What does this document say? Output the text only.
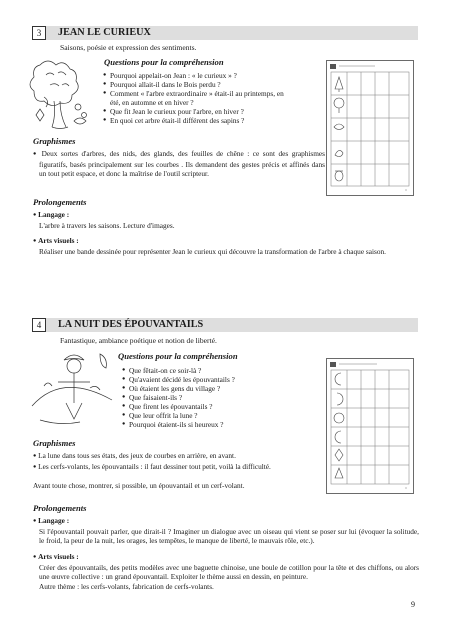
3	JEAN LE CURIEUX
Saisons, poésie et expression des sentiments.
Questions pour la compréhension
● Pourquoi appelait-on Jean : « le curieux » ?
● Pourquoi allait-il dans le Bois perdu ?
● Comment « l'arbre extraordinaire » était-il au printemps, en
été, en automne et en hiver ?
● Que fit Jean le curieux pour l'arbre, en hiver ?
● En quoi cet arbre était-il différent des sapins ?
Graphismes
● Deux sortes d'arbres, des nids, des glands, des feuilles de chêne : ce sont des graphismes figuratifs, basés principalement sur les courbes . Ils demandent des gestes précis et affinés dans un tout petit espace, et donc la maîtrise de l'outil scripteur.
Prolongements
● Langage :
L'arbre à travers les saisons. Lecture d'images.
● Arts visuels :
Réaliser une bande dessinée pour représenter Jean le curieux qui découvre la transformation de l'arbre à chaque saison.
4	LA NUIT DES ÉPOUVANTAILS
Fantastique, ambiance poétique et notion de liberté.
Questions pour la compréhension
● Que fêtait-on ce soir-là ?
● Qu'avaient décidé les épouvantails ?
● Où étaient les gens du village ?
● Que faisaient-ils ?
● Que firent les épouvantails ?
● Que leur offrit la lune ?
● Pourquoi étaient-ils si heureux ?
Graphismes
● La lune dans tous ses états, des jeux de courbes en arrière, en avant.
● Les cerfs-volants, les épouvantails : il faut dessiner tout petit, voilà la difficulté.
Avant toute chose, montrer, si possible, un épouvantail et un cerf-volant.
Prolongements
● Langage :
Si l'épouvantail pouvait parler, que dirait-il ? Imaginer un dialogue avec un oiseau qui vient se poser sur lui (évoquer la solitude, le froid, la peur de la nuit, les orages, les tempêtes, le manque de liberté, le mauvais rôle, etc.).
● Arts visuels :
Créer des épouvantails, des petits modèles avec une baguette chinoise, une boule de cotillon pour la tête et des chiffons, ou alors une œuvre collective : un grand épouvantail. Exploiter le thème aussi en dessin, en peinture.
Autre thème : les cerfs-volants, fabrication de cerfs-volants.
9
